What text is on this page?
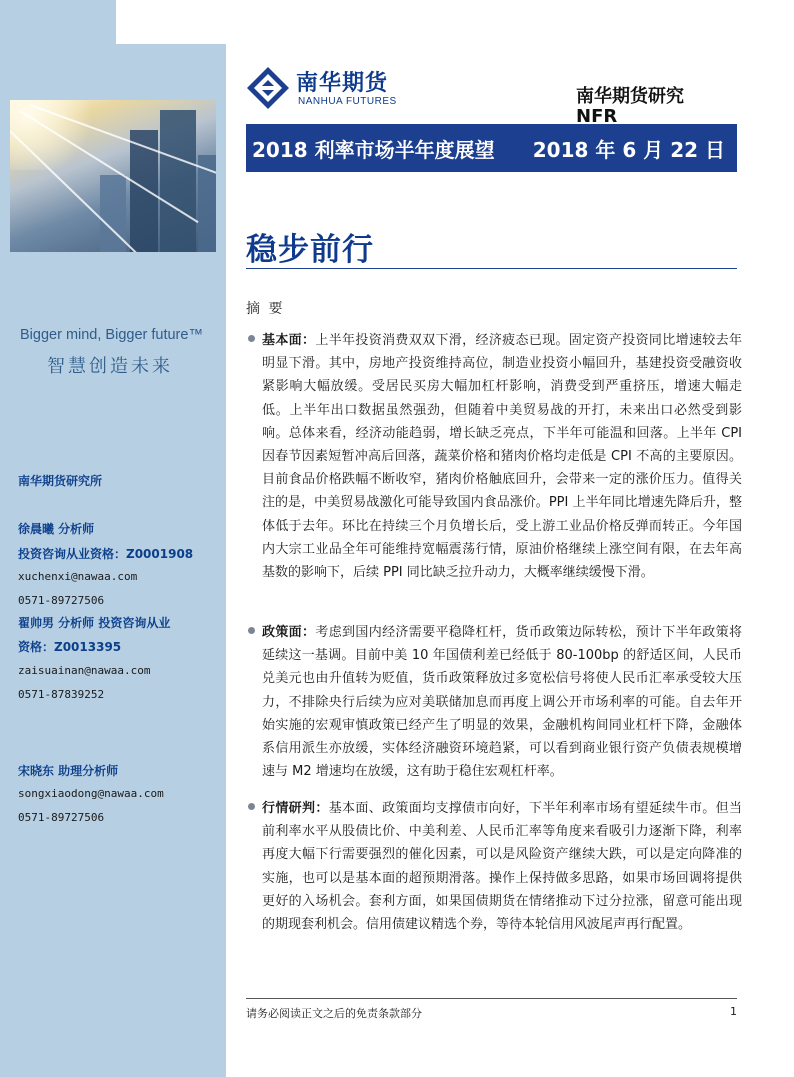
Bigger mind, Bigger future™
智慧创造未来
南华期货研究所
徐晨曦 分析师
投资咨询从业资格：Z0001908
xuchenxi@nawaa.com
0571-89727506
翟帅男 分析师 投资咨询从业
资格：Z0013395
zaisuainan@nawaa.com
0571-87839252
宋晓东 助理分析师
songxiaodong@nawaa.com
0571-89727506
南华期货
NANHUA FUTURES	南华期货研究
NFR
2018 利率市场半年度展望 2018 年 6 月 22 日
稳步前行
摘 要
基本面：上半年投资消费双双下滑，经济疲态已现。固定资产投资同比增速较去年明显下滑。其中，房地产投资维持高位，制造业投资小幅回升，基建投资受融资收紧影响大幅放缓。受居民买房大幅加杠杆影响，消费受到严重挤压，增速大幅走低。上半年出口数据虽然强劲，但随着中美贸易战的开打，未来出口必然受到影响。总体来看，经济动能趋弱，增长缺乏亮点，下半年可能温和回落。上半年 CPI 因春节因素短暂冲高后回落，蔬菜价格和猪肉价格均走低是 CPI 不高的主要原因。目前食品价格跌幅不断收窄，猪肉价格触底回升，会带来一定的涨价压力。值得关注的是，中美贸易战激化可能导致国内食品涨价。PPI 上半年同比增速先降后升，整体低于去年。环比在持续三个月负增长后，受上游工业品价格反弹而转正。今年国内大宗工业品全年可能维持宽幅震荡行情，原油价格继续上涨空间有限，在去年高基数的影响下，后续 PPI 同比缺乏拉升动力，大概率继续缓慢下滑。
政策面：考虑到国内经济需要平稳降杠杆，货币政策边际转松，预计下半年政策将延续这一基调。目前中美 10 年国债利差已经低于 80-100bp 的舒适区间，人民币兑美元也由升值转为贬值，货币政策释放过多宽松信号将使人民币汇率承受较大压力，不排除央行后续为应对美联储加息而再度上调公开市场利率的可能。自去年开始实施的宏观审慎政策已经产生了明显的效果，金融机构间同业杠杆下降，金融体系信用派生亦放缓，实体经济融资环境趋紧，可以看到商业银行资产负债表规模增速与 M2 增速均在放缓，这有助于稳住宏观杠杆率。
行情研判：基本面、政策面均支撑债市向好，下半年利率市场有望延续牛市。但当前利率水平从股债比价、中美利差、人民币汇率等角度来看吸引力逐渐下降，利率再度大幅下行需要强烈的催化因素，可以是风险资产继续大跌，可以是定向降准的实施，也可以是基本面的超预期滑落。操作上保持做多思路，如果市场回调将提供更好的入场机会。套利方面，如果国债期货在情绪推动下过分拉涨，留意可能出现的期现套利机会。信用债建议精选个券，等待本轮信用风波尾声再行配置。
请务必阅读正文之后的免责条款部分	1
